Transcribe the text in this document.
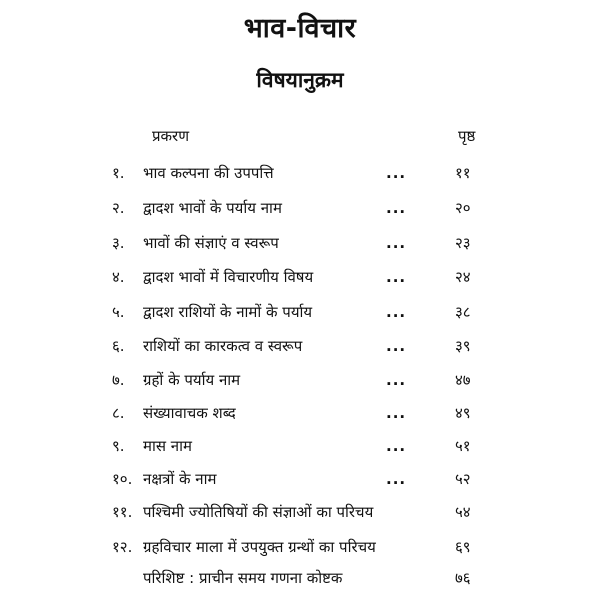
भाव-विचार
विषयानुक्रम
प्रकरण	पृष्ठ
१. भाव कल्पना की उपपत्ति	...	११
२. द्वादश भावों के पर्याय नाम	...	२०
३. भावों की संज्ञाएं व स्वरूप	...	२३
४. द्वादश भावों में विचारणीय विषय	...	२४
५. द्वादश राशियों के नामों के पर्याय	...	३८
६. राशियों का कारकत्व व स्वरूप	...	३९
७. ग्रहों के पर्याय नाम	...	४७
८. संख्यावाचक शब्द	...	४९
९. मास नाम	...	५१
१०. नक्षत्रों के नाम	...	५२
११. पश्चिमी ज्योतिषियों की संज्ञाओं का परिचय	५४
१२. ग्रहविचार माला में उपयुक्त ग्रन्थों का परिचय	६९
परिशिष्ट : प्राचीन समय गणना कोष्टक	७६
